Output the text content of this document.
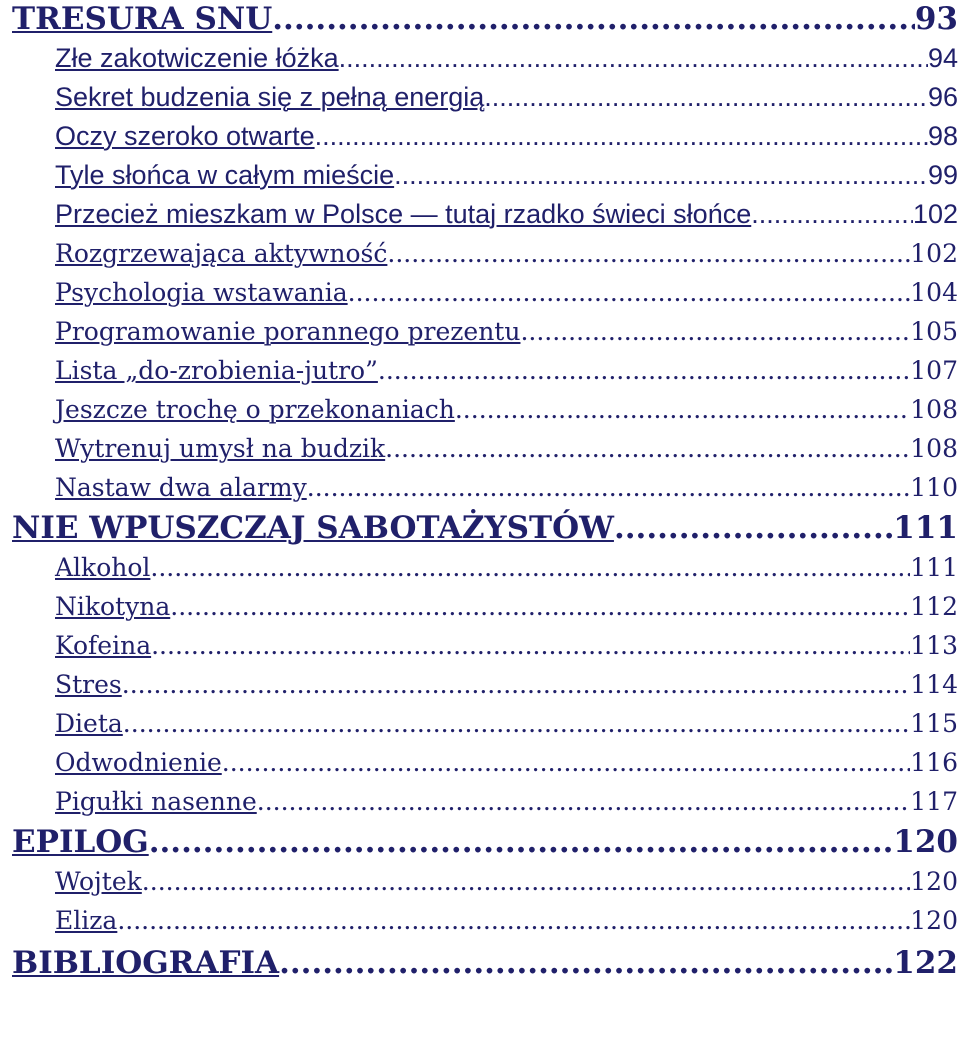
TRESURA SNU .....	93
Złe zakotwiczenie łóżka .....	94
Sekret budzenia się z pełną energią .....	96
Oczy szeroko otwarte .....	98
Tyle słońca w całym mieście .....	99
Przecież mieszkam w Polsce — tutaj rzadko świeci słońce .....	102
Rozgrzewająca aktywność .....	102
Psychologia wstawania .....	104
Programowanie porannego prezentu .....	105
Lista „do-zrobienia-jutro” .....	107
Jeszcze trochę o przekonaniach .....	108
Wytrenuj umysł na budzik .....	108
Nastaw dwa alarmy .....	110
NIE WPUSZCZAJ SABOTAŻYSTÓW .....	111
Alkohol .....	111
Nikotyna .....	112
Kofeina .....	113
Stres .....	114
Dieta .....	115
Odwodnienie .....	116
Pigułki nasenne .....	117
EPILOG .....	120
Wojtek .....	120
Eliza .....	120
BIBLIOGRAFIA .....	122
